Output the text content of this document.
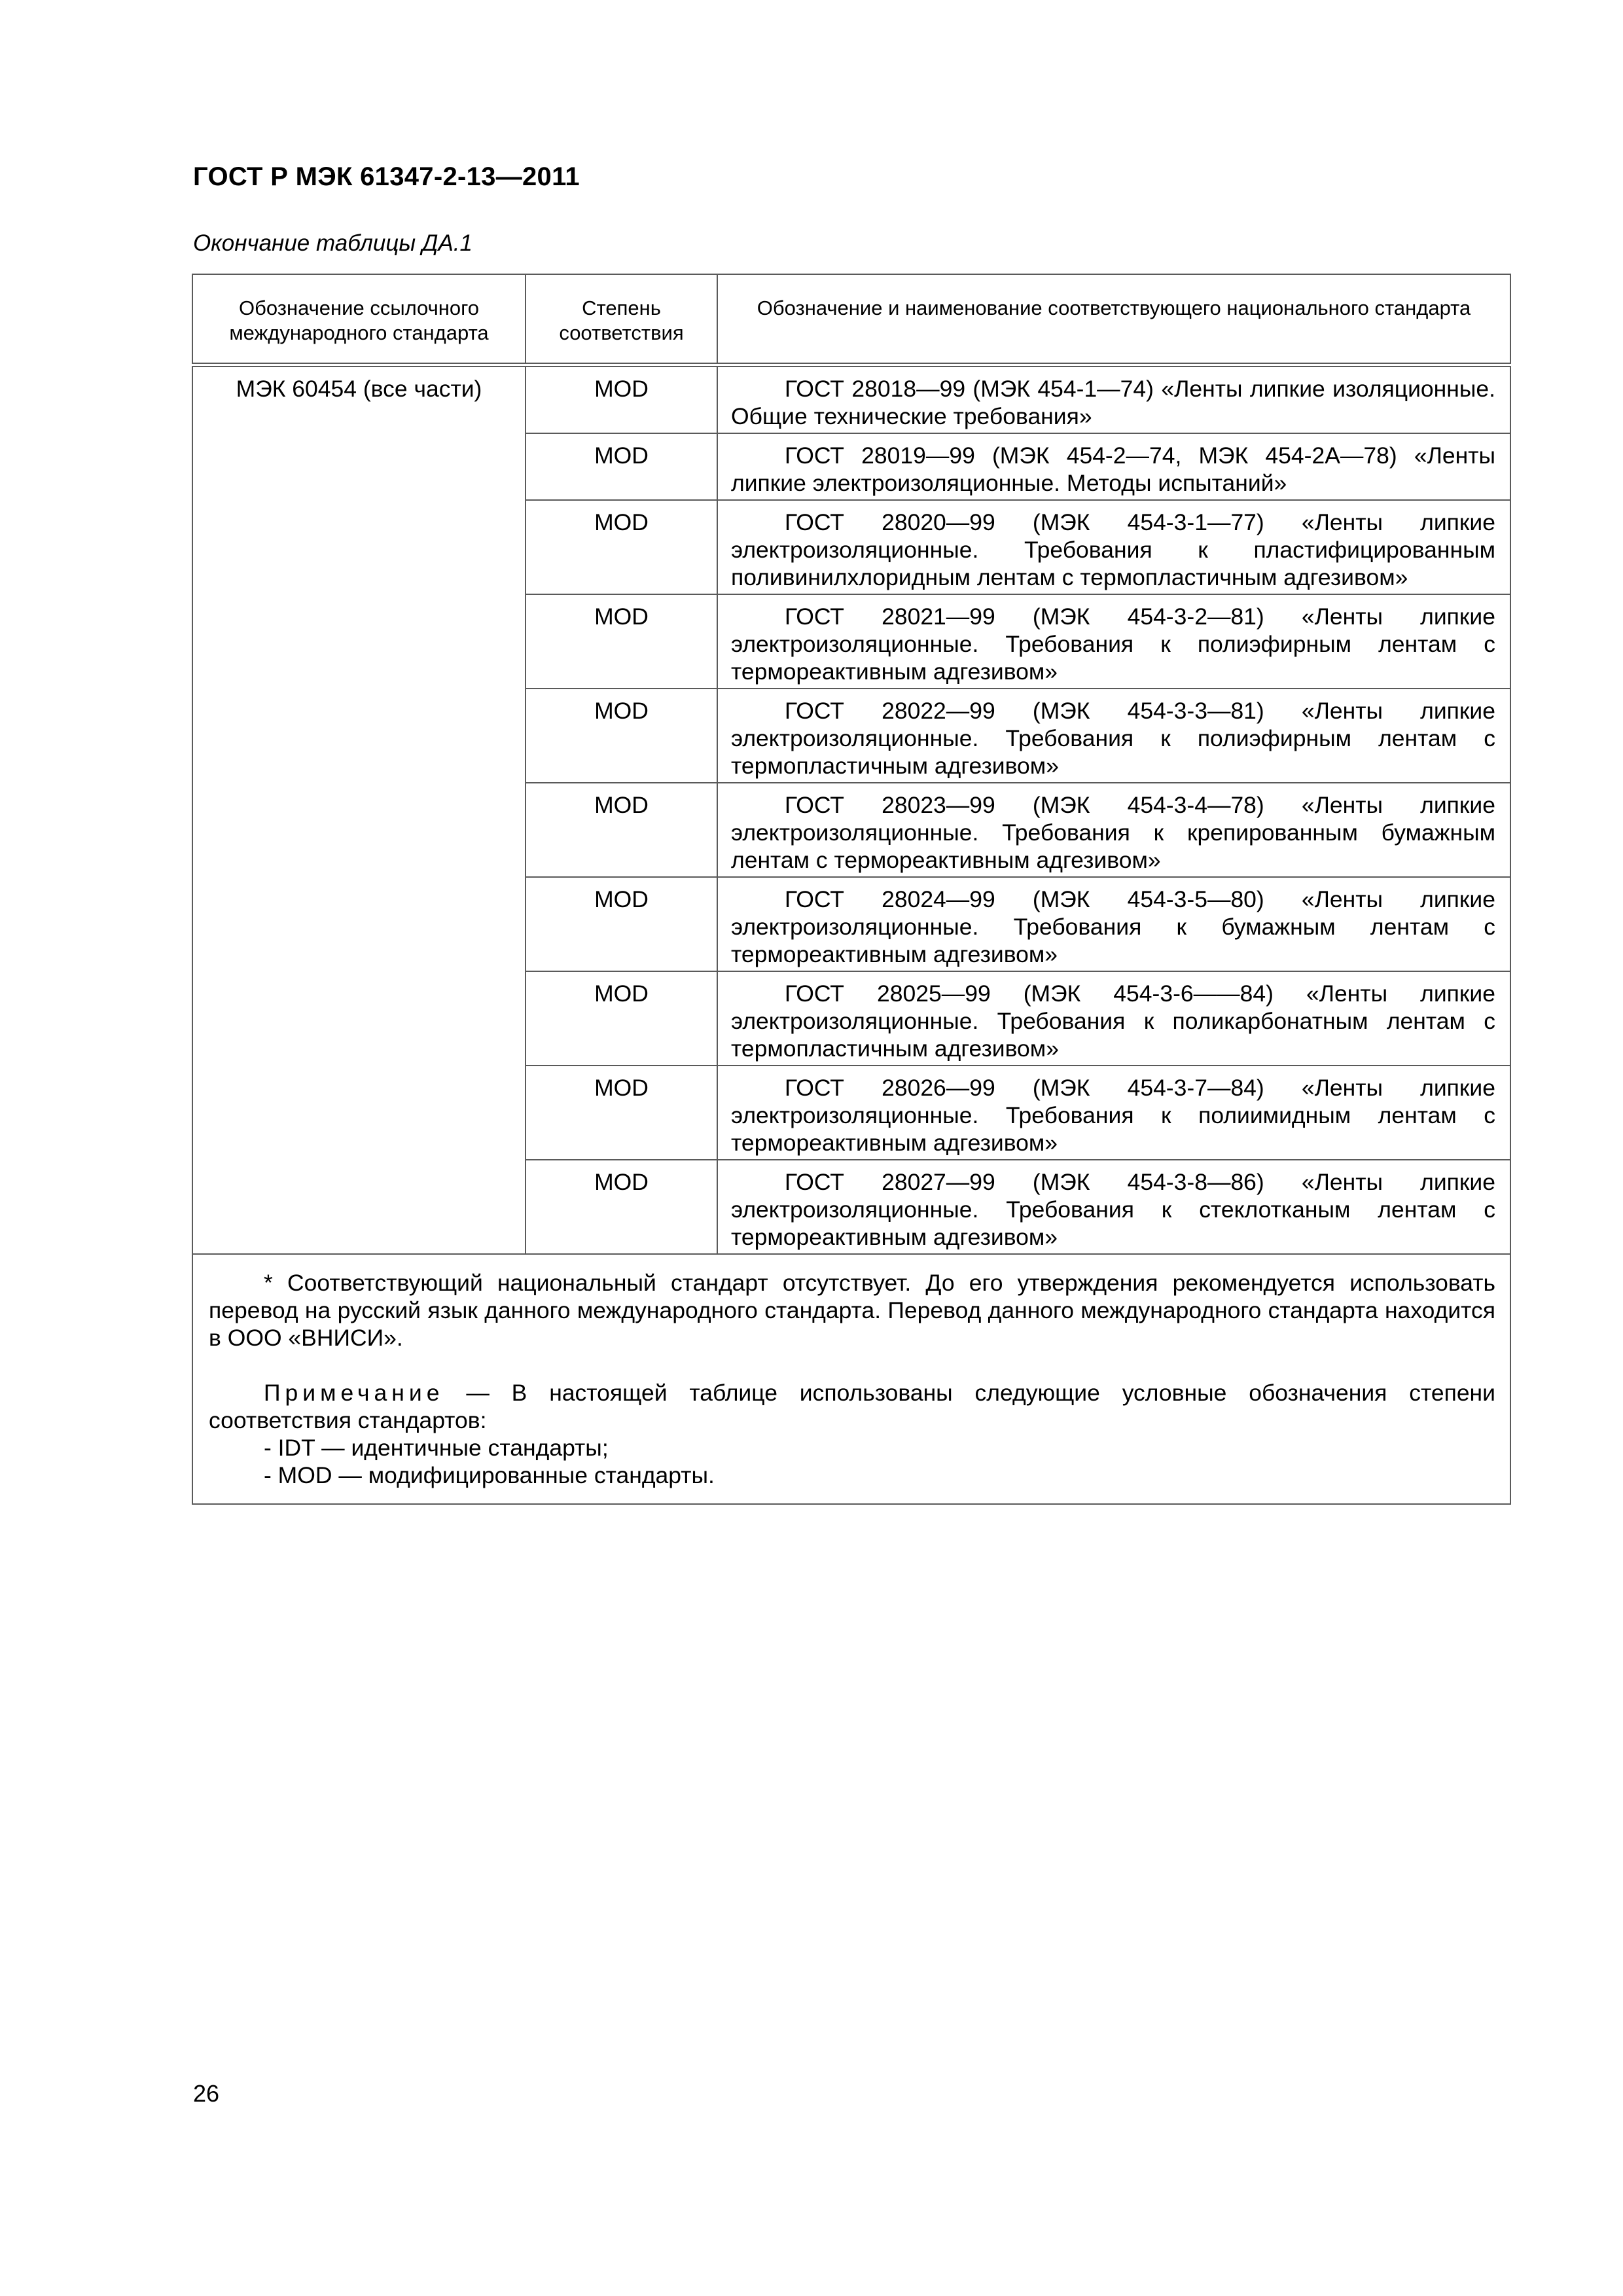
ГОСТ Р МЭК 61347-2-13—2011
Окончание таблицы ДА.1
Обозначение ссылочного международного стандарта	Степень соответствия	Обозначение и наименование соответствующего национального стандарта
МЭК 60454 (все части)	MOD	ГОСТ 28018—99 (МЭК 454-1—74) «Ленты липкие изоляционные. Общие технические требования»
	MOD	ГОСТ 28019—99 (МЭК 454-2—74, МЭК 454-2А—78) «Ленты липкие электроизоляционные. Методы испытаний»
	MOD	ГОСТ 28020—99 (МЭК 454-3-1—77) «Ленты липкие электроизоляционные. Требования к пластифицированным поливинилхлоридным лентам с термопластичным адгезивом»
	MOD	ГОСТ 28021—99 (МЭК 454-3-2—81) «Ленты липкие электроизоляционные. Требования к полиэфирным лентам с термореактивным адгезивом»
	MOD	ГОСТ 28022—99 (МЭК 454-3-3—81) «Ленты липкие электроизоляционные. Требования к полиэфирным лентам с термопластичным адгезивом»
	MOD	ГОСТ 28023—99 (МЭК 454-3-4—78) «Ленты липкие электроизоляционные. Требования к крепированным бумажным лентам с термореактивным адгезивом»
	MOD	ГОСТ 28024—99 (МЭК 454-3-5—80) «Ленты липкие электроизоляционные. Требования к бумажным лентам с термореактивным адгезивом»
	MOD	ГОСТ 28025—99 (МЭК 454-3-6——84) «Ленты липкие электроизоляционные. Требования к поликарбонатным лентам с термопластичным адгезивом»
	MOD	ГОСТ 28026—99 (МЭК 454-3-7—84) «Ленты липкие электроизоляционные. Требования к полиимидным лентам с термореактивным адгезивом»
	MOD	ГОСТ 28027—99 (МЭК 454-3-8—86) «Ленты липкие электроизоляционные. Требования к стеклотканым лентам с термореактивным адгезивом»

* Соответствующий национальный стандарт отсутствует. До его утверждения рекомендуется использовать перевод на русский язык данного международного стандарта. Перевод данного международного стандарта находится в ООО «ВНИСИ».

Примечание — В настоящей таблице использованы следующие условные обозначения степени соответствия стандартов:

- IDT — идентичные стандарты;

- MOD — модифицированные стандарты.		

26
